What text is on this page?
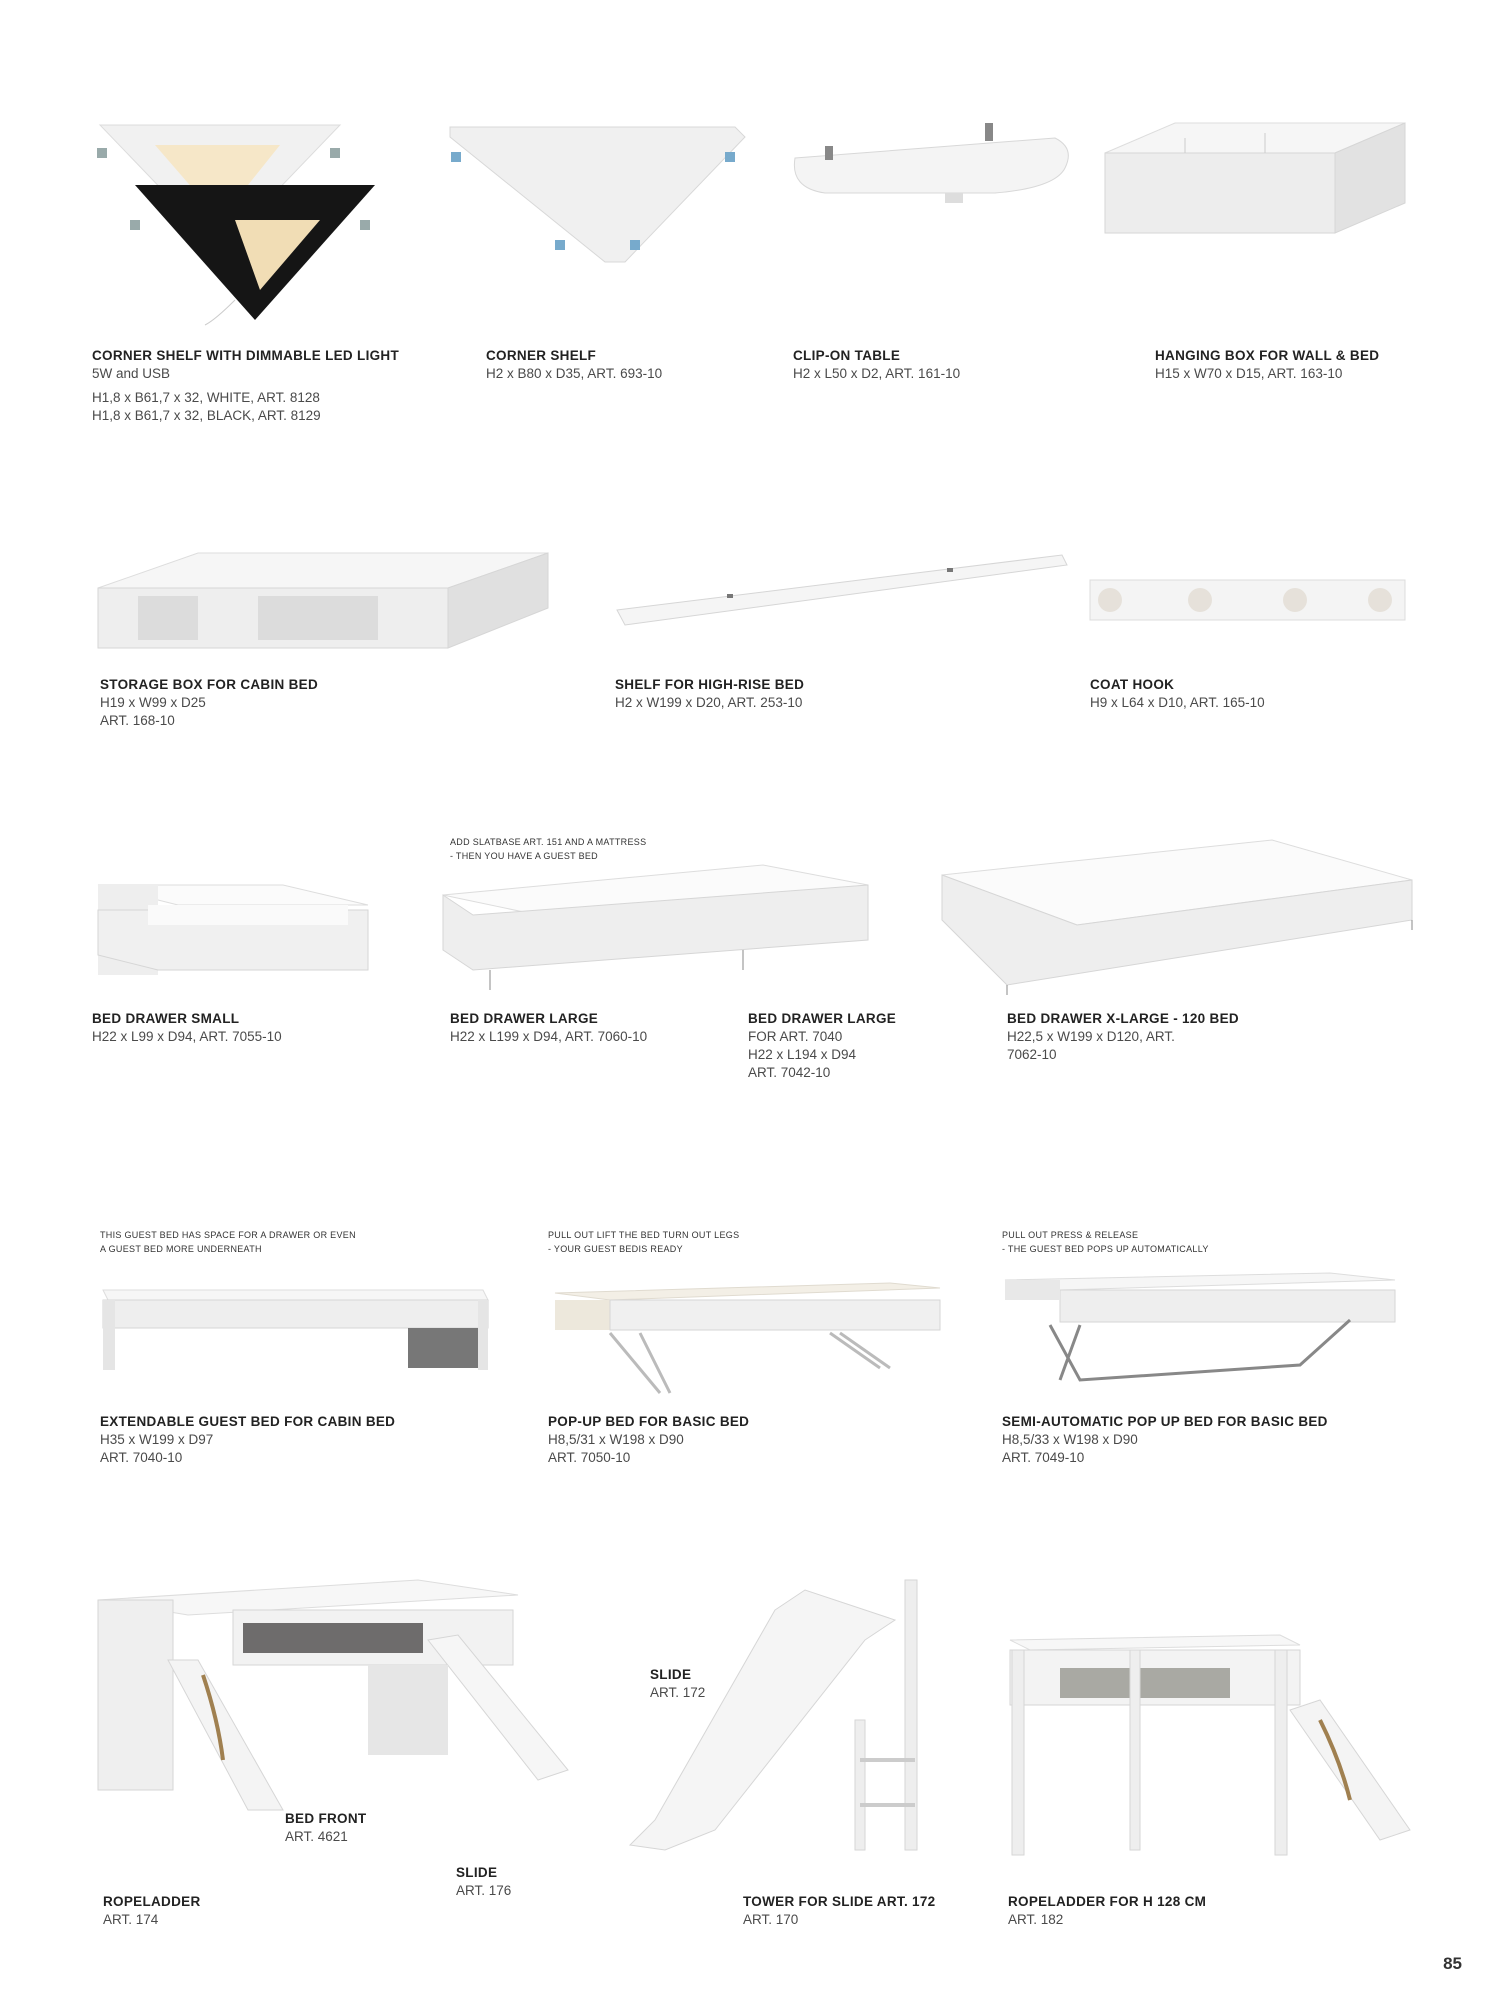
CORNER SHELF WITH DIMMABLE LED LIGHT
5W and USB
H1,8 x B61,7 x 32, WHITE, ART. 8128
H1,8 x B61,7 x 32, BLACK, ART. 8129
CORNER SHELF
H2 x B80 x D35, ART. 693-10
CLIP-ON TABLE
H2 x L50 x D2, ART. 161-10
HANGING BOX FOR WALL & BED
H15 x W70 x D15, ART. 163-10
STORAGE BOX FOR CABIN BED
H19 x W99 x D25
ART. 168-10
SHELF FOR HIGH-RISE BED
H2 x W199 x D20, ART. 253-10
COAT HOOK
H9 x L64 x D10, ART. 165-10
ADD SLATBASE ART. 151 AND A MATTRESS
- THEN YOU HAVE A GUEST BED
BED DRAWER SMALL
H22 x L99 x D94, ART. 7055-10
BED DRAWER LARGE
H22 x L199 x D94, ART. 7060-10
BED DRAWER LARGE
FOR ART. 7040
H22 x L194 x D94
ART. 7042-10
BED DRAWER X-LARGE - 120 BED
H22,5 x W199 x D120, ART.
7062-10
THIS GUEST BED HAS SPACE FOR A DRAWER OR EVEN
A GUEST BED MORE UNDERNEATH
PULL OUT LIFT THE BED TURN OUT LEGS
- YOUR GUEST BEDIS READY
PULL OUT PRESS & RELEASE
- THE GUEST BED POPS UP AUTOMATICALLY
EXTENDABLE GUEST BED FOR CABIN BED
H35 x W199 x D97
ART. 7040-10
POP-UP BED FOR BASIC BED
H8,5/31 x W198 x D90
ART. 7050-10
SEMI-AUTOMATIC POP UP BED FOR BASIC BED
H8,5/33 x W198 x D90
ART. 7049-10
SLIDE
ART. 172
BED FRONT
ART. 4621
SLIDE
ART. 176
ROPELADDER
ART. 174
TOWER FOR SLIDE ART. 172
ART. 170
ROPELADDER FOR H 128 CM
ART. 182
85
